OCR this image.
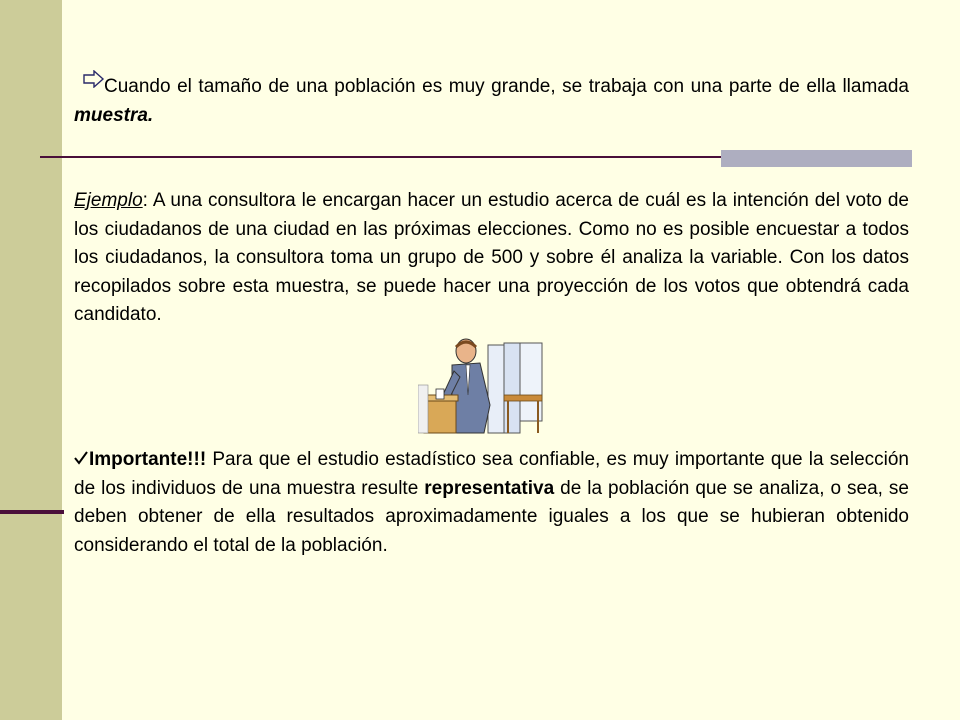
Cuando el tamaño de una población es muy grande, se trabaja con una parte de ella llamada muestra.

Ejemplo: A una consultora le encargan hacer un estudio acerca de cuál es la intención del voto de los ciudadanos de una ciudad en las próximas elecciones. Como no es posible encuestar a todos los ciudadanos, la consultora toma un grupo de 500 y sobre él analiza la variable. Con los datos recopilados sobre esta muestra, se puede hacer una proyección de los votos que obtendrá cada candidato.

Importante!!! Para que el estudio estadístico sea confiable, es muy importante que la selección de los individuos de una muestra resulte representativa de la población que se analiza, o sea, se deben obtener de ella resultados aproximadamente iguales a los que se hubieran obtenido considerando el total de la población.
